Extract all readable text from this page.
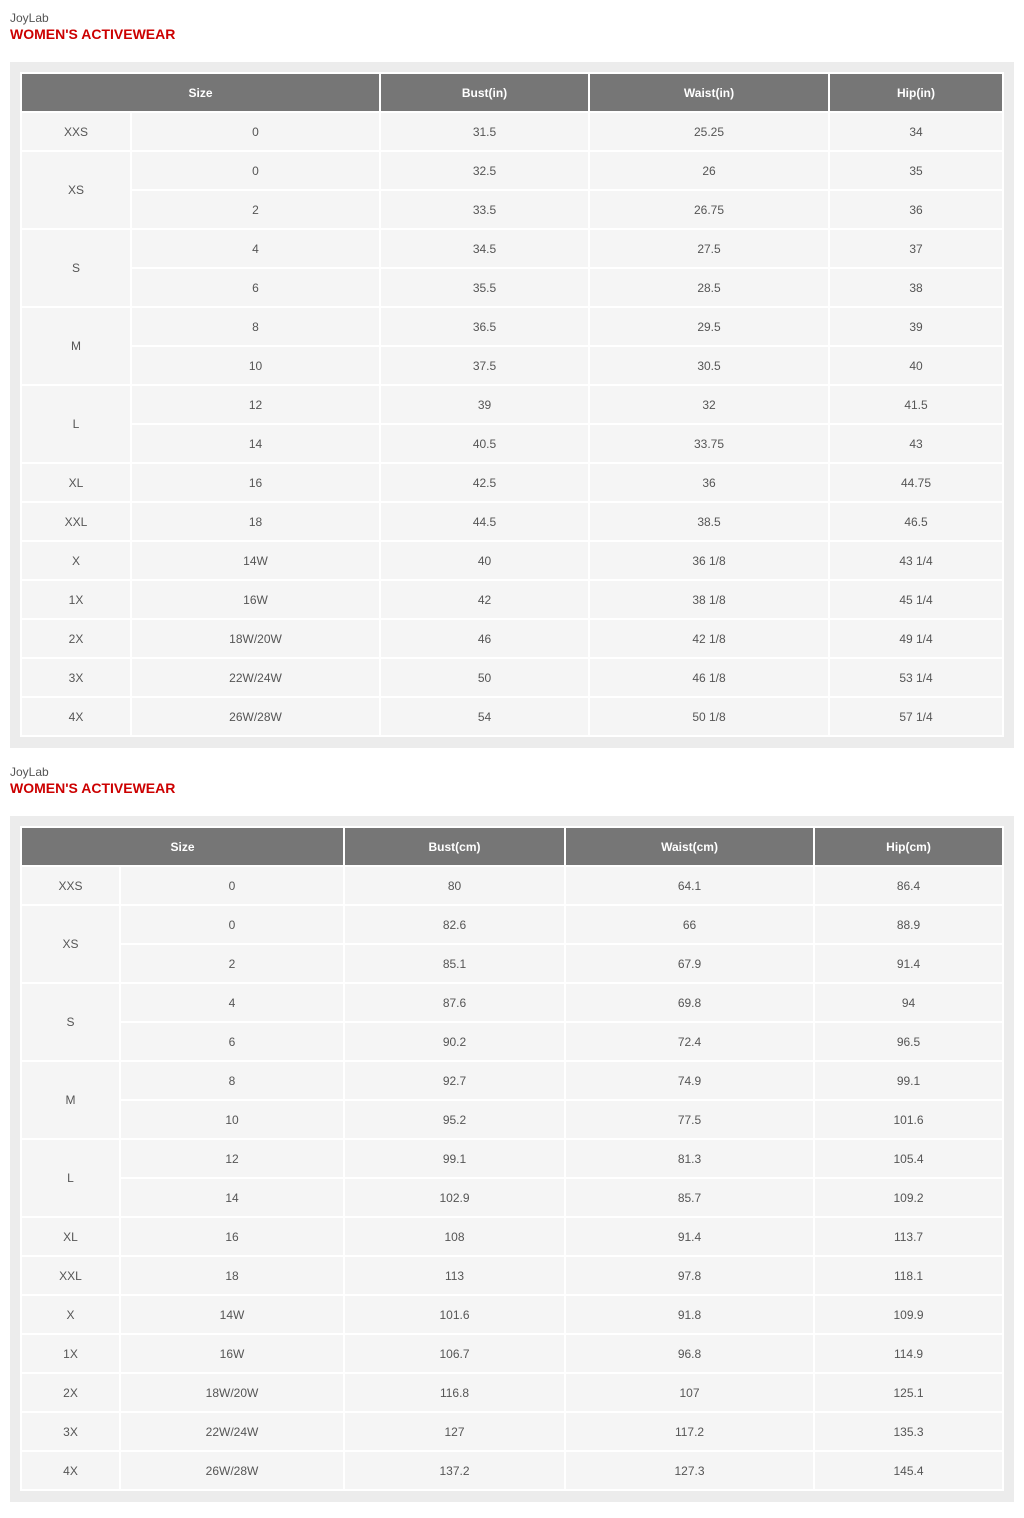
JoyLab
WOMEN'S ACTIVEWEAR
Size		Bust(in)	Waist(in)	Hip(in)
XXS	0	31.5	25.25	34
XS	0	32.5	26	35
	2	33.5	26.75	36
S	4	34.5	27.5	37
	6	35.5	28.5	38
M	8	36.5	29.5	39
	10	37.5	30.5	40
L	12	39	32	41.5
	14	40.5	33.75	43
XL	16	42.5	36	44.75
XXL	18	44.5	38.5	46.5
X	14W	40	36 1/8	43 1/4
1X	16W	42	38 1/8	45 1/4
2X	18W/20W	46	42 1/8	49 1/4
3X	22W/24W	50	46 1/8	53 1/4
4X	26W/28W	54	50 1/8	57 1/4
JoyLab
WOMEN'S ACTIVEWEAR
Size		Bust(cm)	Waist(cm)	Hip(cm)
XXS	0	80	64.1	86.4
XS	0	82.6	66	88.9
	2	85.1	67.9	91.4
S	4	87.6	69.8	94
	6	90.2	72.4	96.5
M	8	92.7	74.9	99.1
	10	95.2	77.5	101.6
L	12	99.1	81.3	105.4
	14	102.9	85.7	109.2
XL	16	108	91.4	113.7
XXL	18	113	97.8	118.1
X	14W	101.6	91.8	109.9
1X	16W	106.7	96.8	114.9
2X	18W/20W	116.8	107	125.1
3X	22W/24W	127	117.2	135.3
4X	26W/28W	137.2	127.3	145.4
